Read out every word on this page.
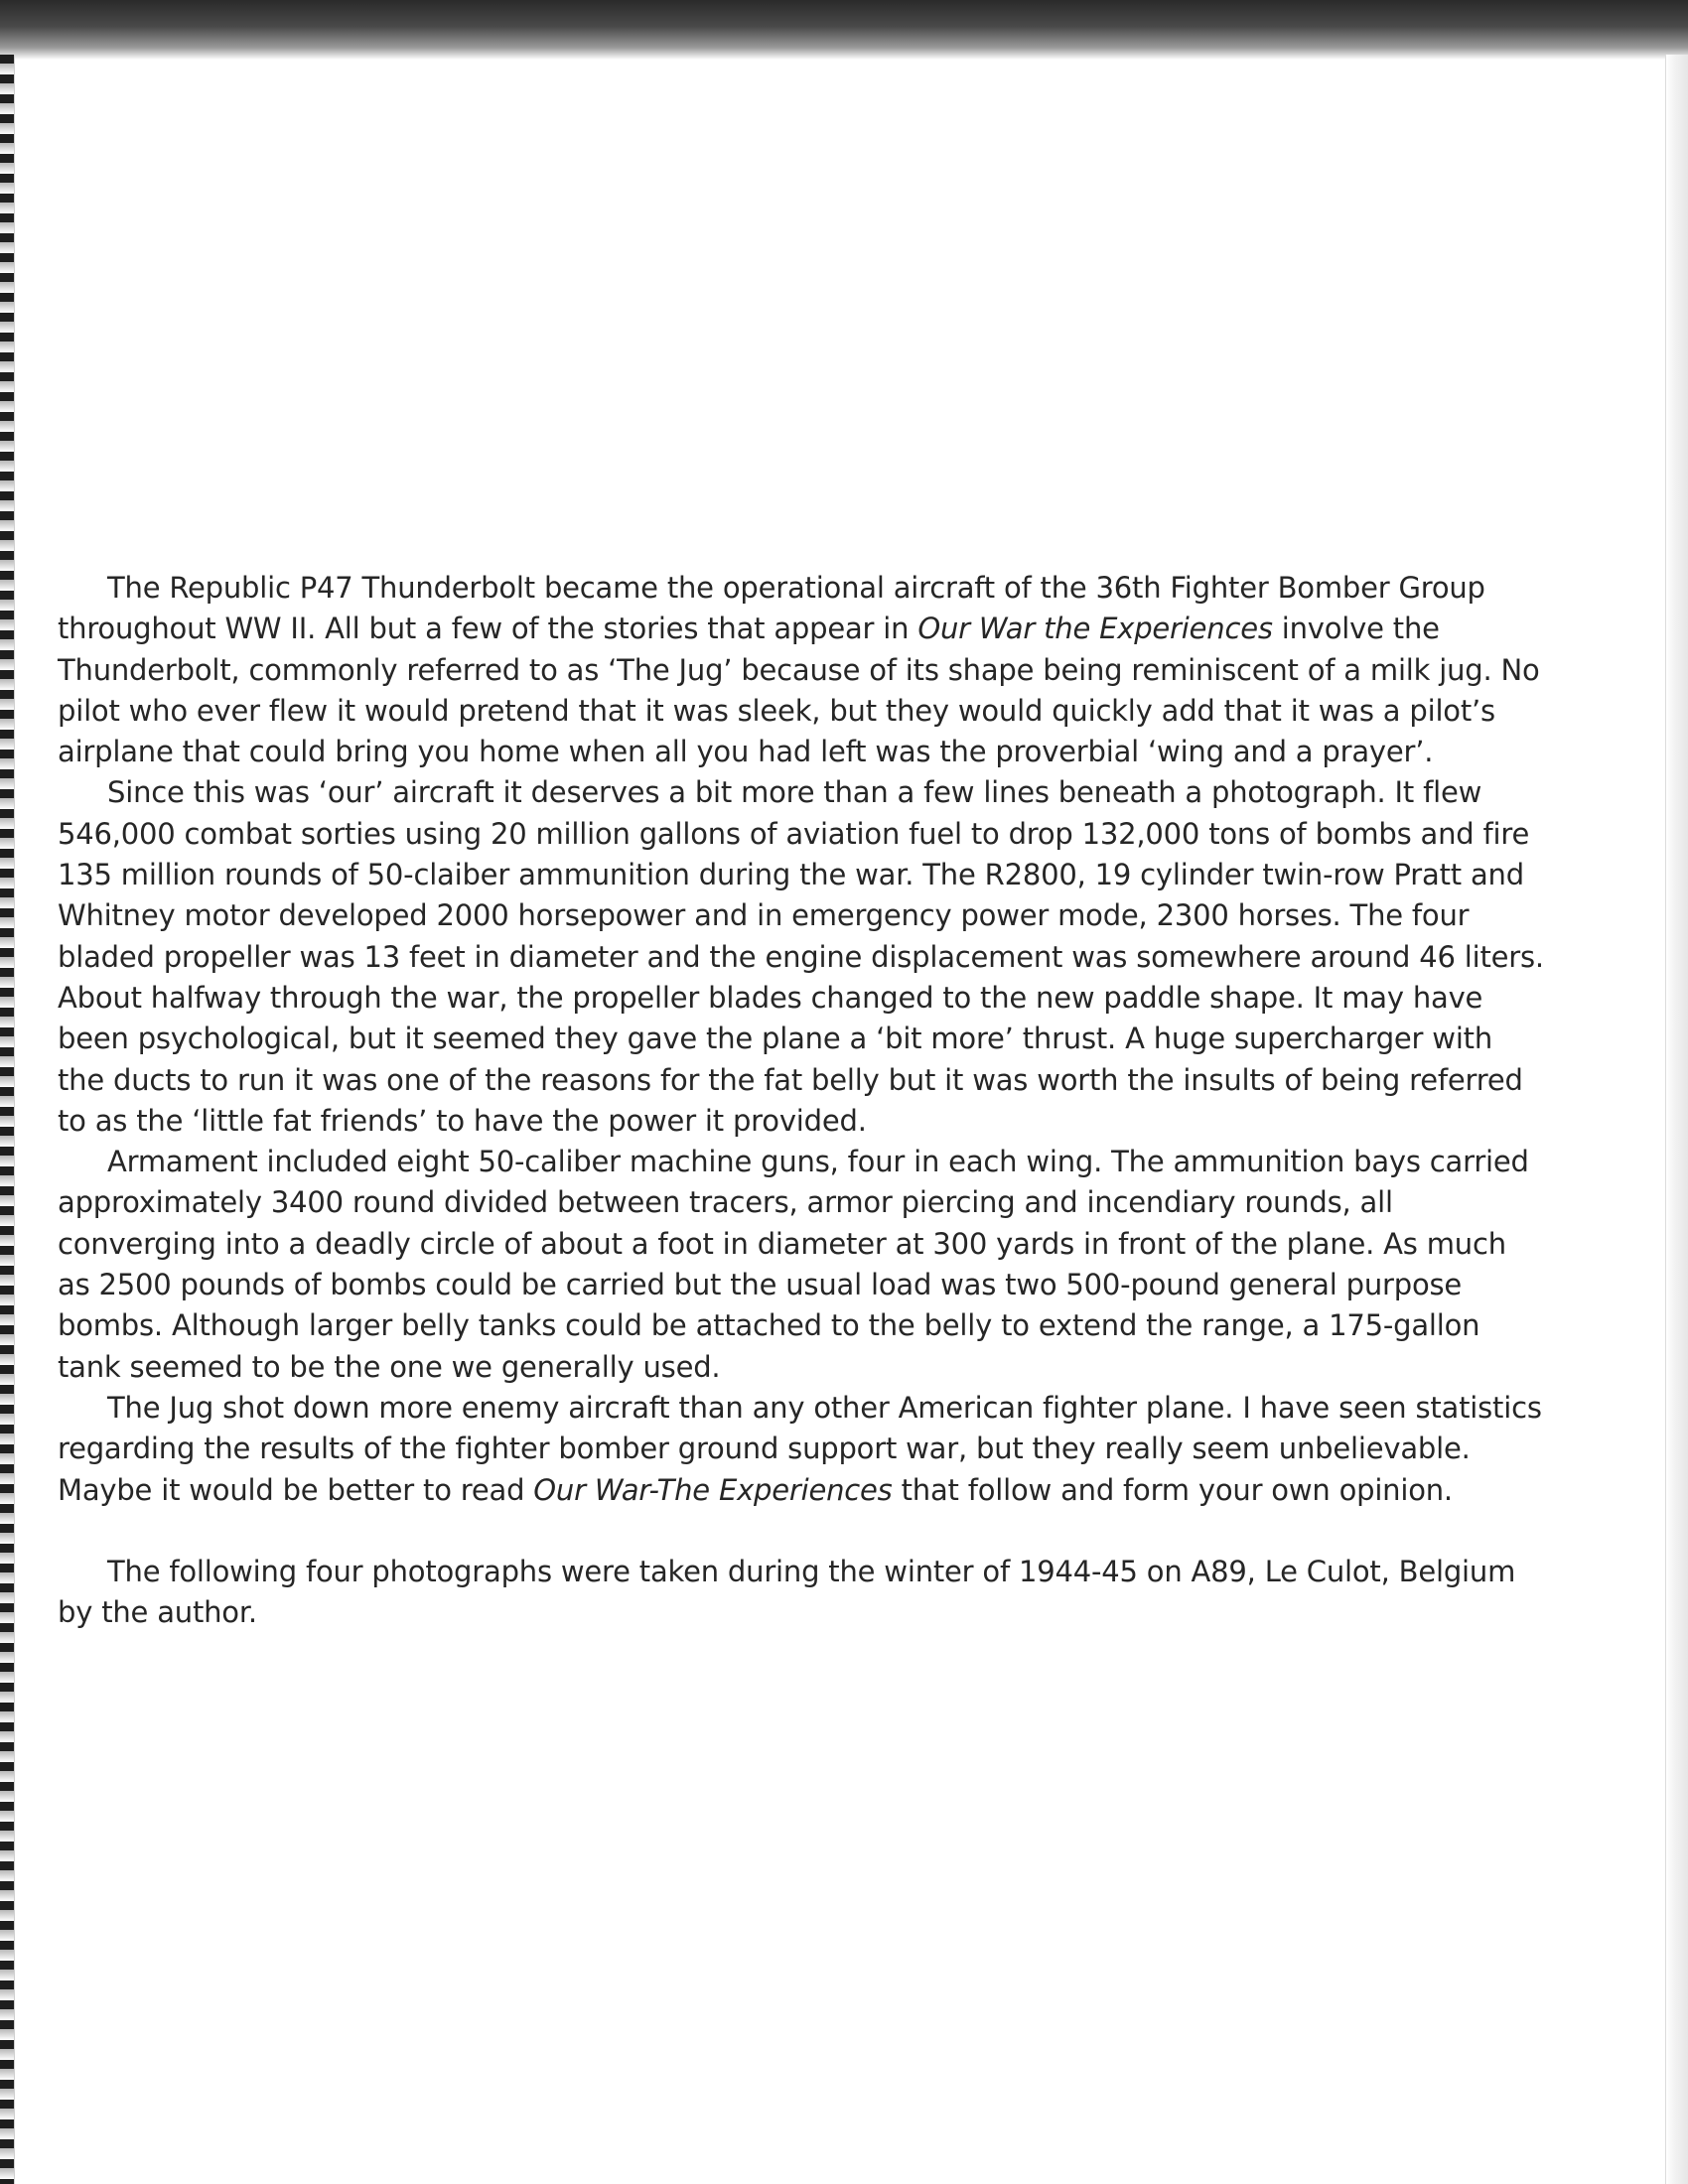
The Republic P47 Thunderbolt became the operational aircraft of the 36th Fighter Bomber Group throughout WW II. All but a few of the stories that appear in Our War the Experiences involve the Thunderbolt, commonly referred to as ‘The Jug’ because of its shape being reminiscent of a milk jug. No pilot who ever flew it would pretend that it was sleek, but they would quickly add that it was a pilot’s airplane that could bring you home when all you had left was the proverbial ‘wing and a prayer’.

Since this was ‘our’ aircraft it deserves a bit more than a few lines beneath a photograph. It flew 546,000 combat sorties using 20 million gallons of aviation fuel to drop 132,000 tons of bombs and fire 135 million rounds of 50-claiber ammunition during the war. The R2800, 19 cylinder twin-row Pratt and Whitney motor developed 2000 horsepower and in emergency power mode, 2300 horses. The four bladed propeller was 13 feet in diameter and the engine displacement was somewhere around 46 liters. About halfway through the war, the propeller blades changed to the new paddle shape. It may have been psychological, but it seemed they gave the plane a ‘bit more’ thrust. A huge supercharger with the ducts to run it was one of the reasons for the fat belly but it was worth the insults of being referred to as the ‘little fat friends’ to have the power it provided.

Armament included eight 50-caliber machine guns, four in each wing. The ammunition bays carried approximately 3400 round divided between tracers, armor piercing and incendiary rounds, all converging into a deadly circle of about a foot in diameter at 300 yards in front of the plane. As much as 2500 pounds of bombs could be carried but the usual load was two 500-pound general purpose bombs. Although larger belly tanks could be attached to the belly to extend the range, a 175-gallon tank seemed to be the one we generally used.

The Jug shot down more enemy aircraft than any other American fighter plane. I have seen statistics regarding the results of the fighter bomber ground support war, but they really seem unbelievable. Maybe it would be better to read Our War-The Experiences that follow and form your own opinion.

The following four photographs were taken during the winter of 1944-45 on A89, Le Culot, Belgium by the author.
